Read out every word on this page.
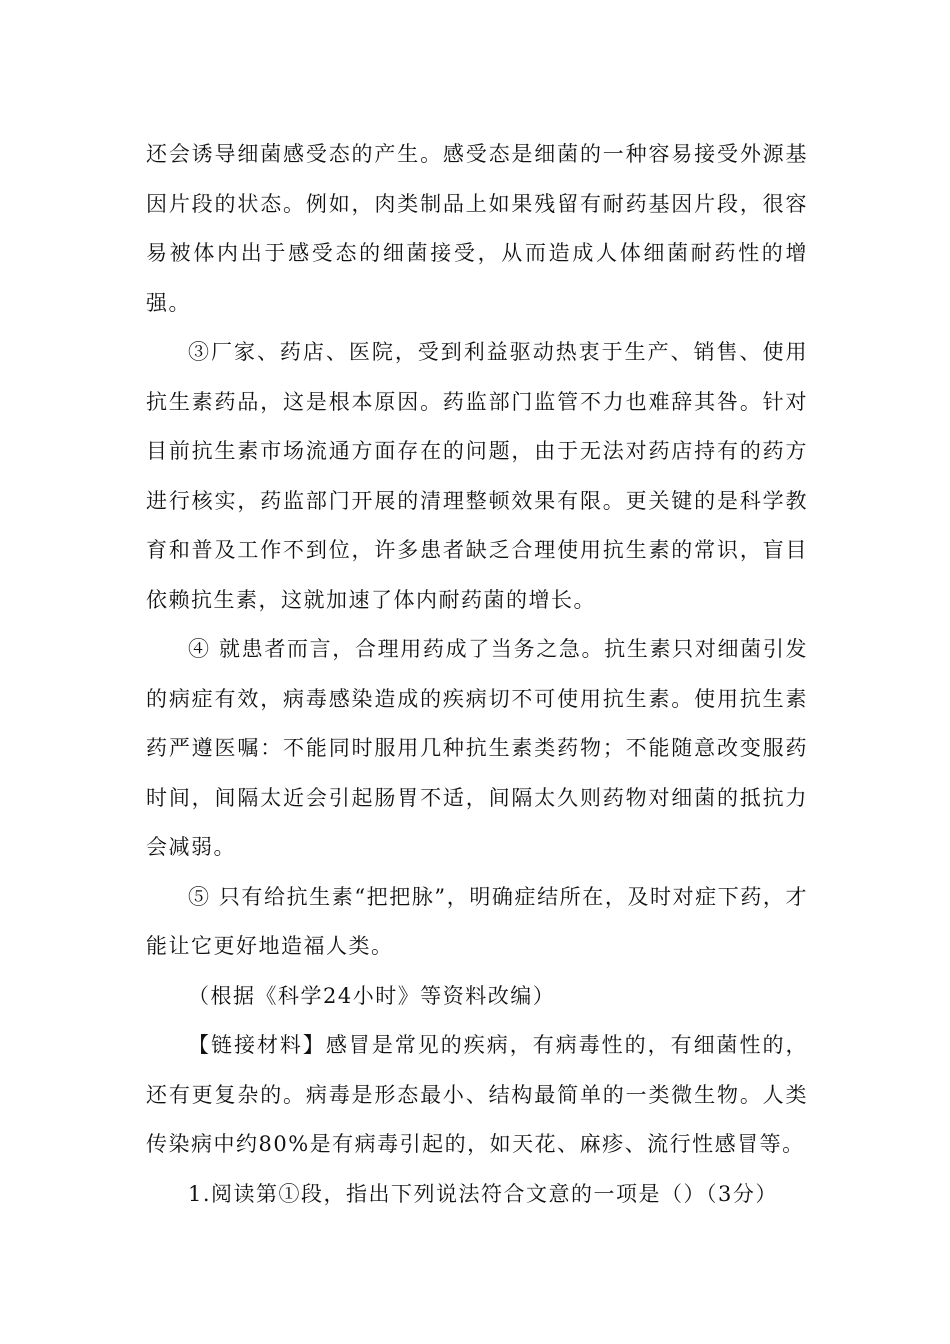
还会诱导细菌感受态的产生。感受态是细菌的一种容易接受外源基因片段的状态。例如，肉类制品上如果残留有耐药基因片段，很容易被体内出于感受态的细菌接受，从而造成人体细菌耐药性的增强。

③厂家、药店、医院，受到利益驱动热衷于生产、销售、使用抗生素药品，这是根本原因。药监部门监管不力也难辞其咎。针对目前抗生素市场流通方面存在的问题，由于无法对药店持有的药方进行核实，药监部门开展的清理整顿效果有限。更关键的是科学教育和普及工作不到位，许多患者缺乏合理使用抗生素的常识，盲目依赖抗生素，这就加速了体内耐药菌的增长。

④ 就患者而言，合理用药成了当务之急。抗生素只对细菌引发的病症有效，病毒感染造成的疾病切不可使用抗生素。使用抗生素药严遵医嘱：不能同时服用几种抗生素类药物；不能随意改变服药时间，间隔太近会引起肠胃不适，间隔太久则药物对细菌的抵抗力会减弱。

⑤ 只有给抗生素“把把脉”，明确症结所在，及时对症下药，才能让它更好地造福人类。

（根据《科学24小时》等资料改编）

【链接材料】感冒是常见的疾病，有病毒性的，有细菌性的，还有更复杂的。病毒是形态最小、结构最简单的一类微生物。人类传染病中约80%是有病毒引起的，如天花、麻疹、流行性感冒等。

1.阅读第①段，指出下列说法符合文意的一项是（）（3分）
